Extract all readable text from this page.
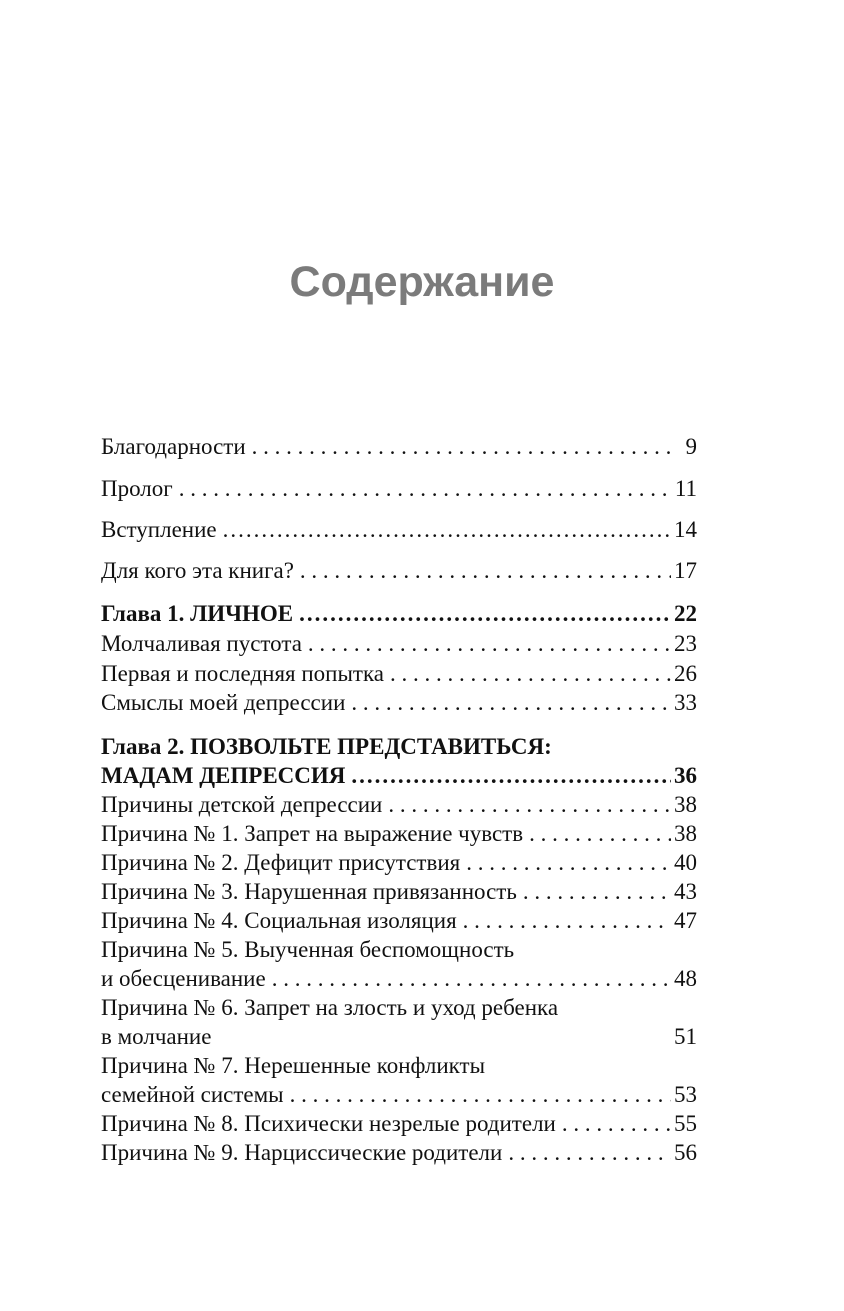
Содержание
Благодарности . . .	9
Пролог . . .	11
Вступление .....	14
Для кого эта книга? . . .	17
Глава 1. ЛИЧНОЕ .....	22
Молчаливая пустота . . .	23
Первая и последняя попытка . . .	26
Смыслы моей депрессии . . .	33
Глава 2. ПОЗВОЛЬТЕ ПРЕДСТАВИТЬСЯ:
МАДАМ ДЕПРЕССИЯ .....	36
Причины детской депрессии . . .	38
Причина № 1. Запрет на выражение чувств . . .	38
Причина № 2. Дефицит присутствия . . .	40
Причина № 3. Нарушенная привязанность . . .	43
Причина № 4. Социальная изоляция . . .	47
Причина № 5. Выученная беспомощность
и обесценивание . . .	48
Причина № 6. Запрет на злость и уход ребенка
в молчание	51
Причина № 7. Нерешенные конфликты
семейной системы . . .	53
Причина № 8. Психически незрелые родители . . .	55
Причина № 9. Нарциссические родители . . .	56
